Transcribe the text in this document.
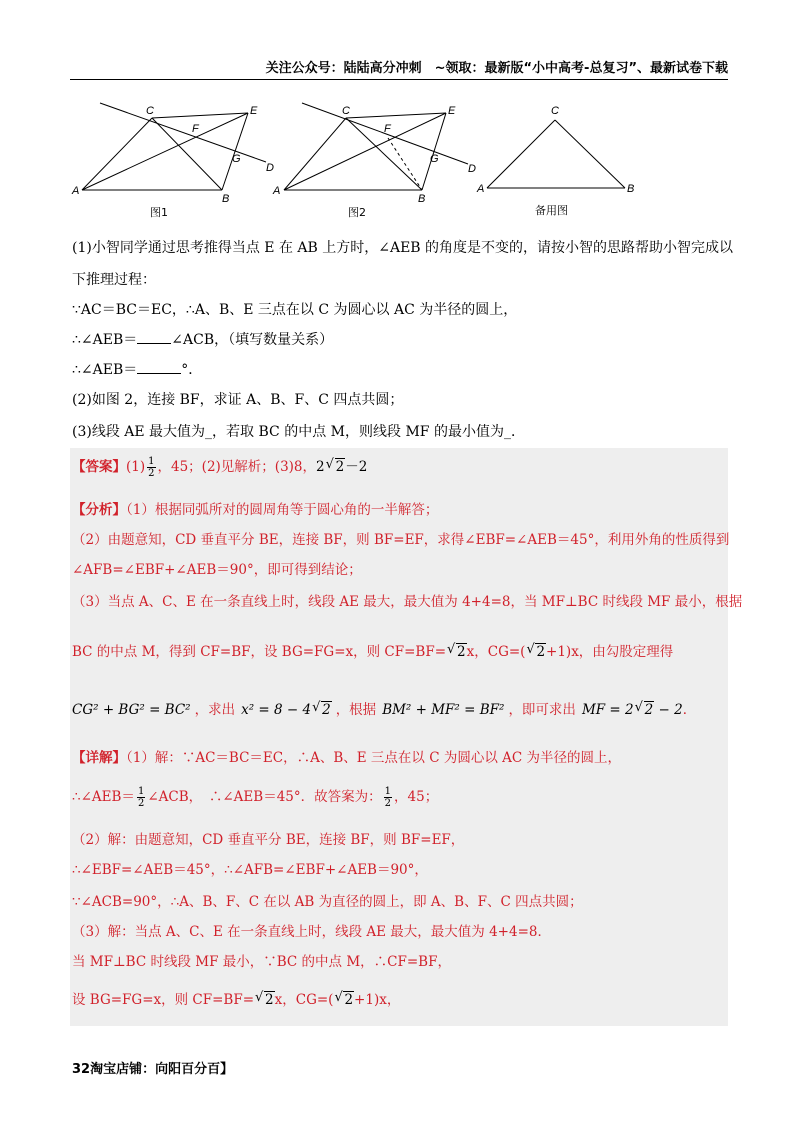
关注公众号：陆陆高分冲刺　~领取：最新版“小中高考-总复习”、最新试卷下载
A
B
C
D
E
F
G
图1
A
B
C
D
E
F
G
图2
A	B
C
备用图
(1)小智同学通过思考推得当点 E 在 AB 上方时，∠AEB 的角度是不变的，请按小智的思路帮助小智完成以
下推理过程：
∵AC＝BC＝EC，∴A、B、E 三点在以 C 为圆心以 AC 为半径的圆上，
∴∠AEB＝ ∠ACB，（填写数量关系）
∴∠AEB＝	°．
(2)如图 2，连接 BF，求证 A、B、F、C 四点共圆；
(3)线段 AE 最大值为_，若取 BC 的中点 M，则线段 MF 的最小值为_．
【答案】$(1) \frac{1}{2}$ ，45；(2)见解析；(3)8，2 √ 2－2
【分析】（1）根据同弧所对的圆周角等于圆心角的一半解答；
（2）由题意知，CD 垂直平分 BE，连接 BF，则 BF=EF，求得∠EBF=∠AEB＝45°，利用外角的性质得到
∠AFB=∠EBF+∠AEB＝90°，即可得到结论；
（3）当点 A、C、E 在一条直线上时，线段 AE 最大，最大值为 4+4=8，当 MF⊥BC 时线段 MF 最小，根据
BC 的中点 M，得到 CF=BF，设 BG=FG=x，则 CF=BF= √ 2x，CG=( √ 2+1)x，由勾股定理得
CG² + BG² = BC² ，求出 x² = 8 − 4 √ 2 ，根据 BM² + MF² = BF² ，即可求出 MF = 2 √ 2 − 2．
【详解】（1）解：∵AC＝BC＝EC，∴A、B、E 三点在以 C 为圆心以 AC 为半径的圆上，
∴∠AEB＝ $\frac{1}{2}$ ∠ACB，　∴∠AEB＝45°．故答案为： $\frac{1}{2}$ ，45；
（2）解：由题意知，CD 垂直平分 BE，连接 BF，则 BF=EF，
∴∠EBF=∠AEB＝45°，∴∠AFB=∠EBF+∠AEB＝90°，
∵∠ACB=90°，∴A、B、F、C 在以 AB 为直径的圆上，即 A、B、F、C 四点共圆；
（3）解：当点 A、C、E 在一条直线上时，线段 AE 最大，最大值为 4+4=8．
当 MF⊥BC 时线段 MF 最小，∵BC 的中点 M，∴CF=BF，
设 BG=FG=x，则 CF=BF= √ 2x，CG=( √ 2+1)x，
32淘宝店铺：向阳百分百】
